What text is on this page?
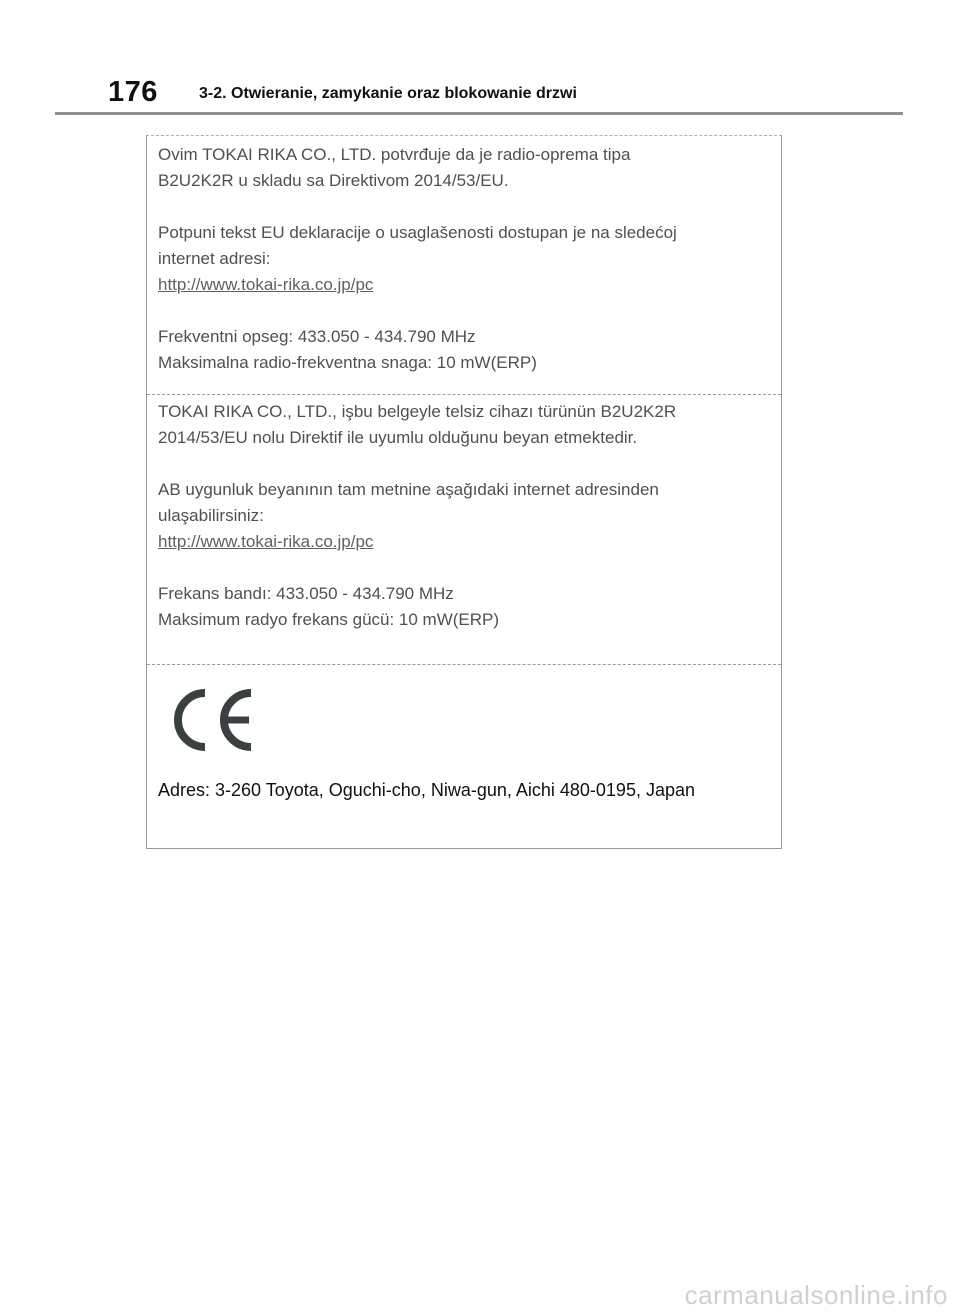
176	3-2. Otwieranie, zamykanie oraz blokowanie drzwi
Ovim TOKAI RIKA CO., LTD. potvrđuje da je radio-oprema tipa
B2U2K2R u skladu sa Direktivom 2014/53/EU.
Potpuni tekst EU deklaracije o usaglašenosti dostupan je na sledećoj
internet adresi:
http://www.tokai-rika.co.jp/pc
Frekventni opseg: 433.050 - 434.790 MHz
Maksimalna radio-frekventna snaga: 10 mW(ERP)
TOKAI RIKA CO., LTD., işbu belgeyle telsiz cihazı türünün B2U2K2R
2014/53/EU nolu Direktif ile uyumlu olduğunu beyan etmektedir.
AB uygunluk beyanının tam metnine aşağıdaki internet adresinden
ulaşabilirsiniz:
http://www.tokai-rika.co.jp/pc
Frekans bandı: 433.050 - 434.790 MHz
Maksimum radyo frekans gücü: 10 mW(ERP)
Adres: 3-260 Toyota, Oguchi-cho, Niwa-gun, Aichi 480-0195, Japan
carmanualsonline.info
